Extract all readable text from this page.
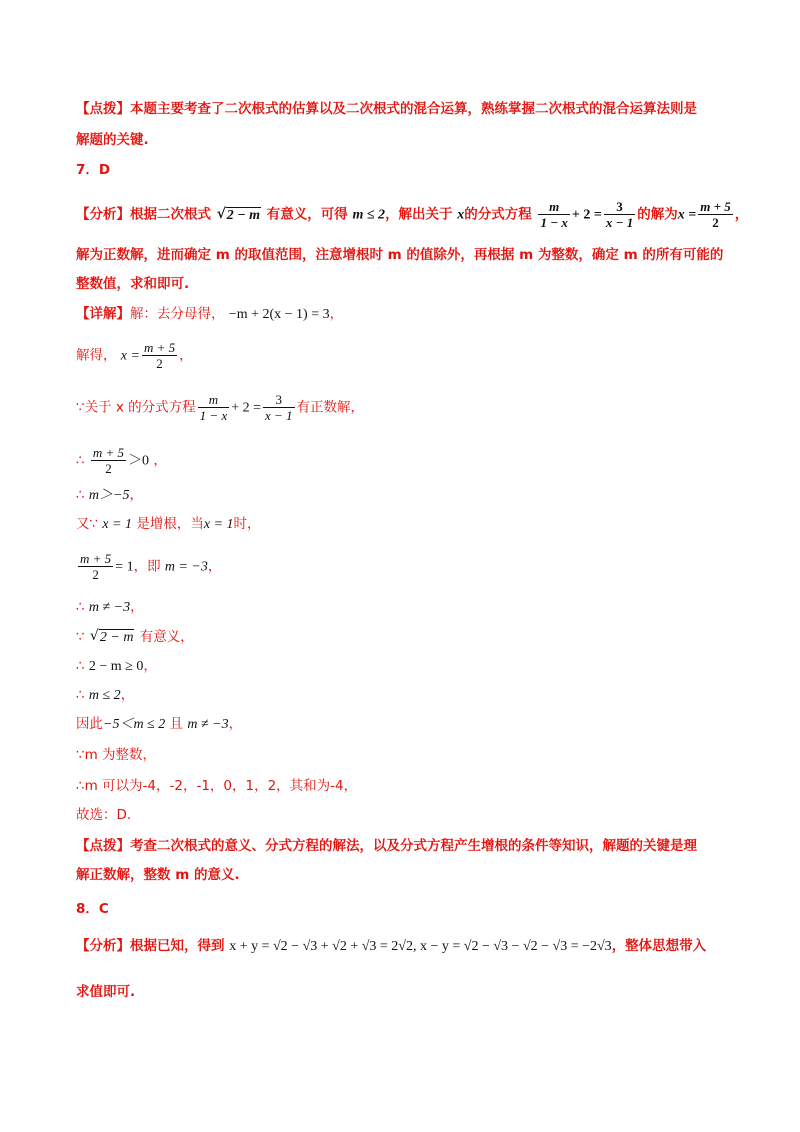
【点拨】本题主要考查了二次根式的估算以及二次根式的混合运算，熟练掌握二次根式的混合运算法则是
解题的关键.
7．D
【分析】根据二次根式 √ 2 − m 有意义，可得 m ≤ 2，解出关于 x的分式方程 $\frac{m}{1 - x} + 2 = \frac{3}{x - 1}$ 的解为$x = \frac{m + 5}{2}$ ，
解为正数解，进而确定 m 的取值范围，注意增根时 m 的值除外，再根据 m 为整数，确定 m 的所有可能的
整数值，求和即可.
【详解】解：去分母得， −m + 2(x − 1) = 3，
解得， $x = \frac{m + 5}{2}$ ，
∵关于 x 的分式方程 $\frac{m}{1 - x} + 2 = \frac{3}{x - 1}$ 有正数解，
∴ $\frac{m + 5}{2} >0$ ，
∴ m＞−5，
又∵ x = 1 是增根，当x = 1时，
$\frac{m + 5}{2} = 1$，即 m = −3，
∴ m ≠ −3，
∵ √ 2 − m 有意义，
∴ 2 − m ≥ 0，
∴ m ≤ 2，
因此−5＜m ≤ 2 且 m ≠ −3，
∵m 为整数，
∴m 可以为-4，-2，-1，0，1，2，其和为-4，
故选：D.
【点拨】考查二次根式的意义、分式方程的解法，以及分式方程产生增根的条件等知识，解题的关键是理
解正数解，整数 m 的意义.
8．C
【分析】根据已知，得到 x + y = √2 − √3 + √2 + √3 = 2√2, x − y = √2 − √3 − √2 − √3 = −2√3，整体思想带入
求值即可.
